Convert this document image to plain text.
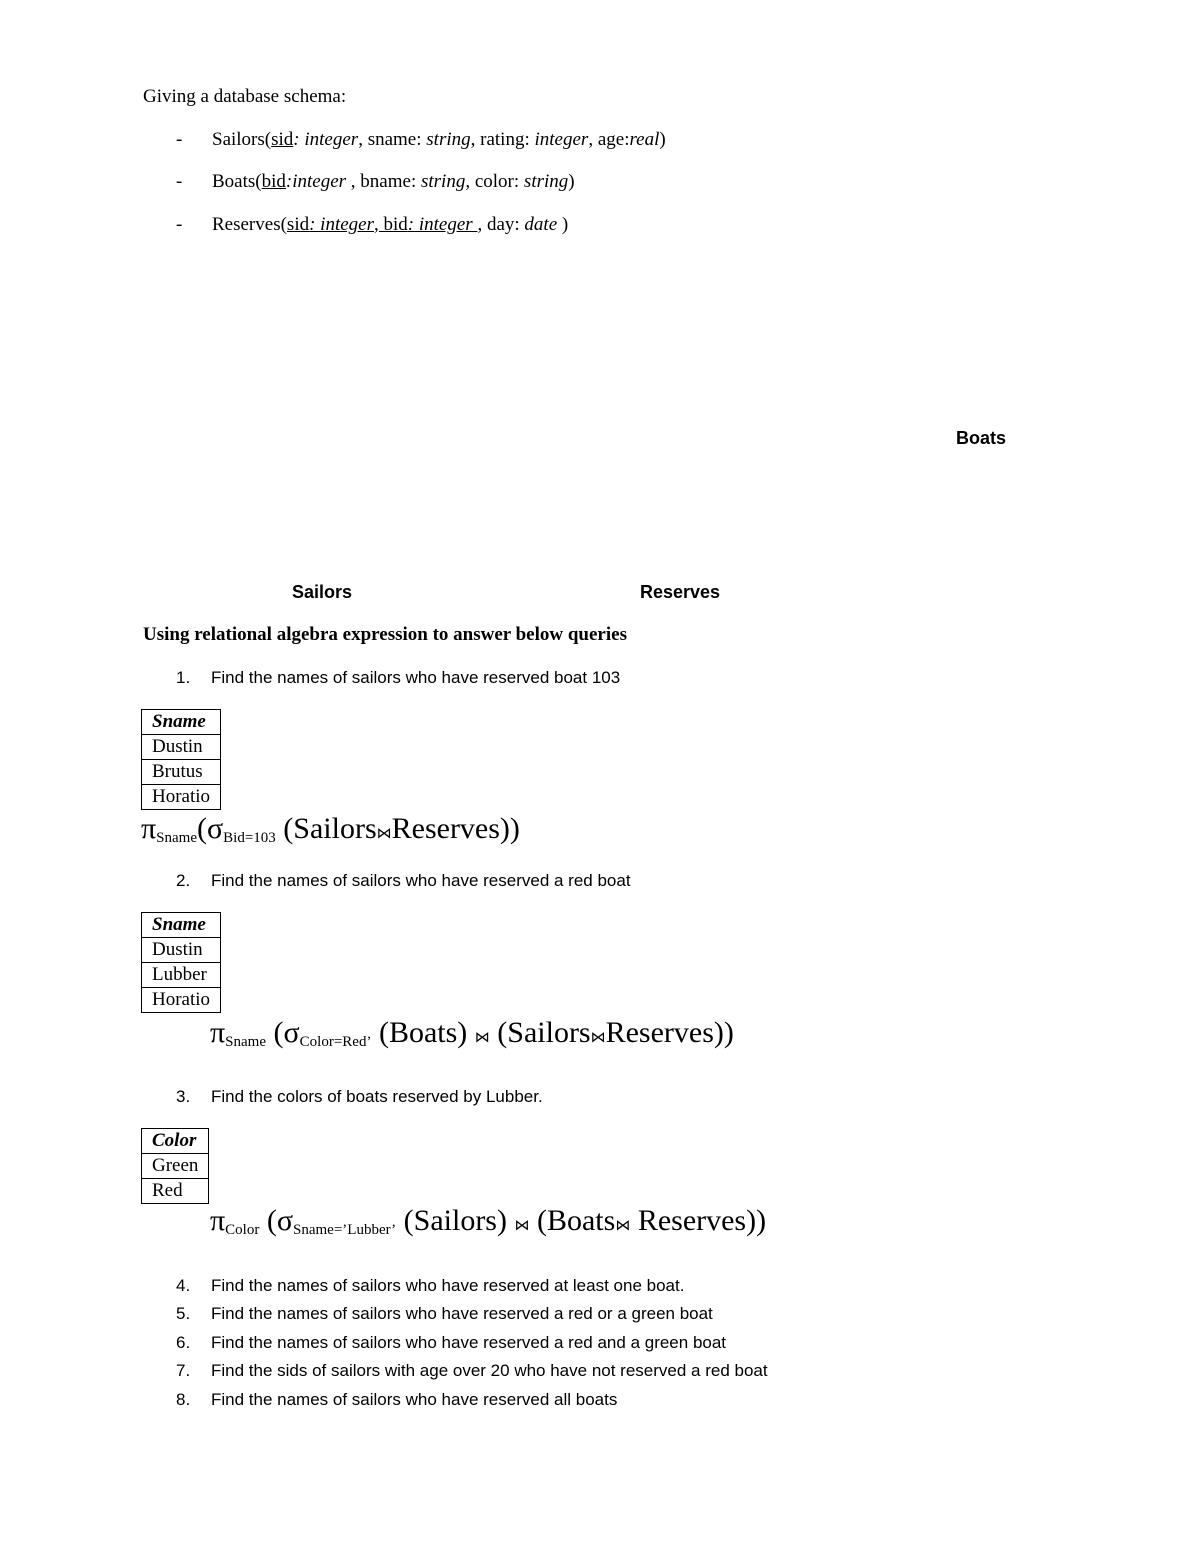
Giving a database schema:
- Sailors(sid: integer, sname: string, rating: integer, age:real)
- Boats(bid:integer , bname: string, color: string)
- Reserves(sid: integer, bid: integer , day: date )
Boats
Sailors	Reserves
Using relational algebra expression to answer below queries
1. Find the names of sailors who have reserved boat 103
Sname
Dustin
Brutus
Horatio
$\pi_{Sname}(\sigma_{Bid=103}$ (Sailors⋈Reserves))
2. Find the names of sailors who have reserved a red boat
Sname
Dustin
Lubber
Horatio
$\pi_{Sname}$ ($\sigma_{Color=Red’}$ (Boats) ⋈ (Sailors⋈Reserves))
3. Find the colors of boats reserved by Lubber.
Color
Green
Red
$\pi_{Color}$ ($\sigma_{Sname=’Lubber’}$ (Sailors) ⋈ (Boats⋈ Reserves))
4. Find the names of sailors who have reserved at least one boat.
5. Find the names of sailors who have reserved a red or a green boat
6. Find the names of sailors who have reserved a red and a green boat
7. Find the sids of sailors with age over 20 who have not reserved a red boat
8. Find the names of sailors who have reserved all boats
